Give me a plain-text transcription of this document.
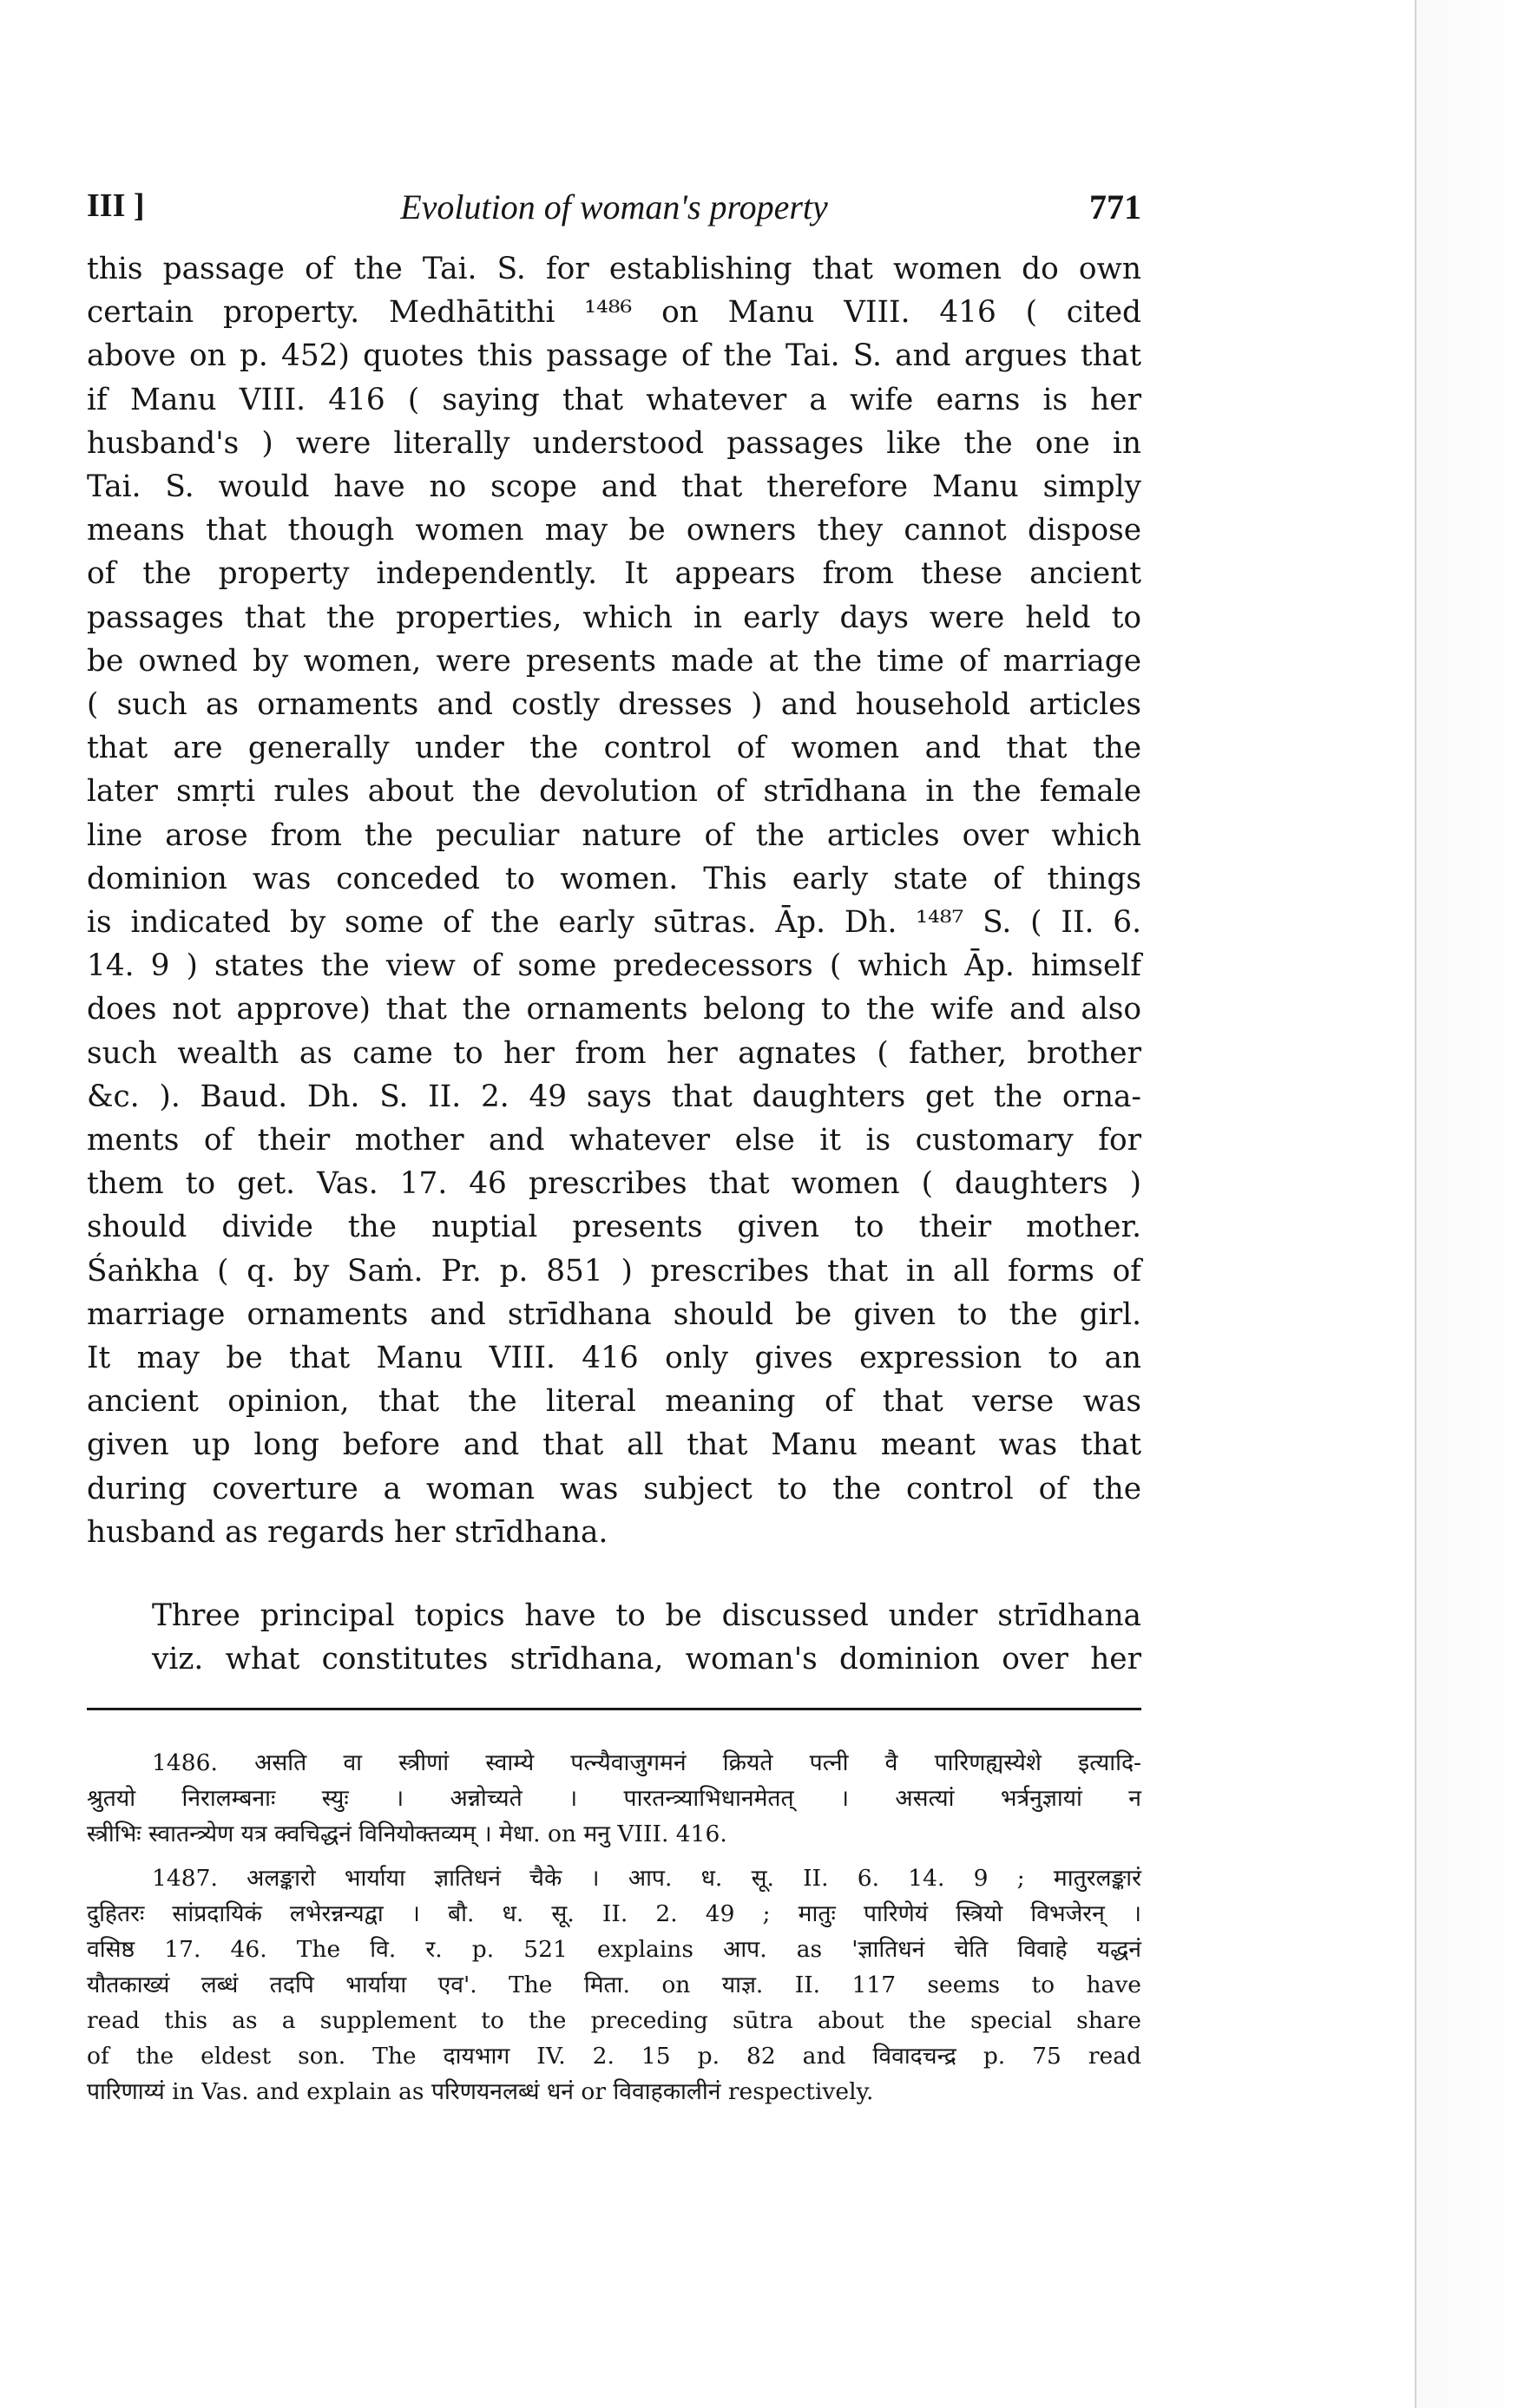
III ]	Evolution of woman's property	771

this passage of the Tai. S. for establishing that women do own
certain property. Medhātithi ¹⁴⁸⁶ on Manu VIII. 416 ( cited
above on p. 452) quotes this passage of the Tai. S. and argues that
if Manu VIII. 416 ( saying that whatever a wife earns is her
husband's ) were literally understood passages like the one in
Tai. S. would have no scope and that therefore Manu simply
means that though women may be owners they cannot dispose
of the property independently. It appears from these ancient
passages that the properties, which in early days were held to
be owned by women, were presents made at the time of marriage
( such as ornaments and costly dresses ) and household articles
that are generally under the control of women and that the
later smṛti rules about the devolution of strīdhana in the female
line arose from the peculiar nature of the articles over which
dominion was conceded to women. This early state of things
is indicated by some of the early sūtras. Āp. Dh. ¹⁴⁸⁷ S. ( II. 6.
14. 9 ) states the view of some predecessors ( which Āp. himself
does not approve) that the ornaments belong to the wife and also
such wealth as came to her from her agnates ( father, brother
&c. ). Baud. Dh. S. II. 2. 49 says that daughters get the orna-
ments of their mother and whatever else it is customary for
them to get. Vas. 17. 46 prescribes that women ( daughters )
should divide the nuptial presents given to their mother.
Śaṅkha ( q. by Saṁ. Pr. p. 851 ) prescribes that in all forms of
marriage ornaments and strīdhana should be given to the girl.
It may be that Manu VIII. 416 only gives expression to an
ancient opinion, that the literal meaning of that verse was
given up long before and that all that Manu meant was that
during coverture a woman was subject to the control of the
husband as regards her strīdhana.

Three principal topics have to be discussed under strīdhana
viz. what constitutes strīdhana, woman's dominion over her

1486. असति वा स्त्रीणां स्वाम्ये पत्न्यैवाजुगमनं क्रियते पत्नी वै पारिणह्यस्येशे इत्यादि-
श्रुतयो निरालम्बनाः स्युः । अन्नोच्यते । पारतन्त्र्याभिधानमेतत् । असत्यां भर्त्रनुज्ञायां न
स्त्रीभिः स्वातन्त्र्येण यत्र क्वचिद्धनं विनियोक्तव्यम् । मेधा. on मनु VIII. 416.

1487. अलङ्कारो भार्याया ज्ञातिधनं चैके । आप. ध. सू. II. 6. 14. 9 ; मातुरलङ्कारं
दुहितरः सांप्रदायिकं लभेरन्नन्यद्वा । बौ. ध. सू. II. 2. 49 ; मातुः पारिणेयं स्त्रियो विभजेरन् ।
वसिष्ठ 17. 46. The वि. र. p. 521 explains आप. as 'ज्ञातिधनं चेति विवाहे यद्धनं
यौतकाख्यं लब्धं तदपि भार्याया एव'. The मिता. on याज्ञ. II. 117 seems to have
read this as a supplement to the preceding sūtra about the special share
of the eldest son. The दायभाग IV. 2. 15 p. 82 and विवादचन्द्र p. 75 read
पारिणाय्यं in Vas. and explain as परिणयनलब्धं धनं or विवाहकालीनं respectively.
